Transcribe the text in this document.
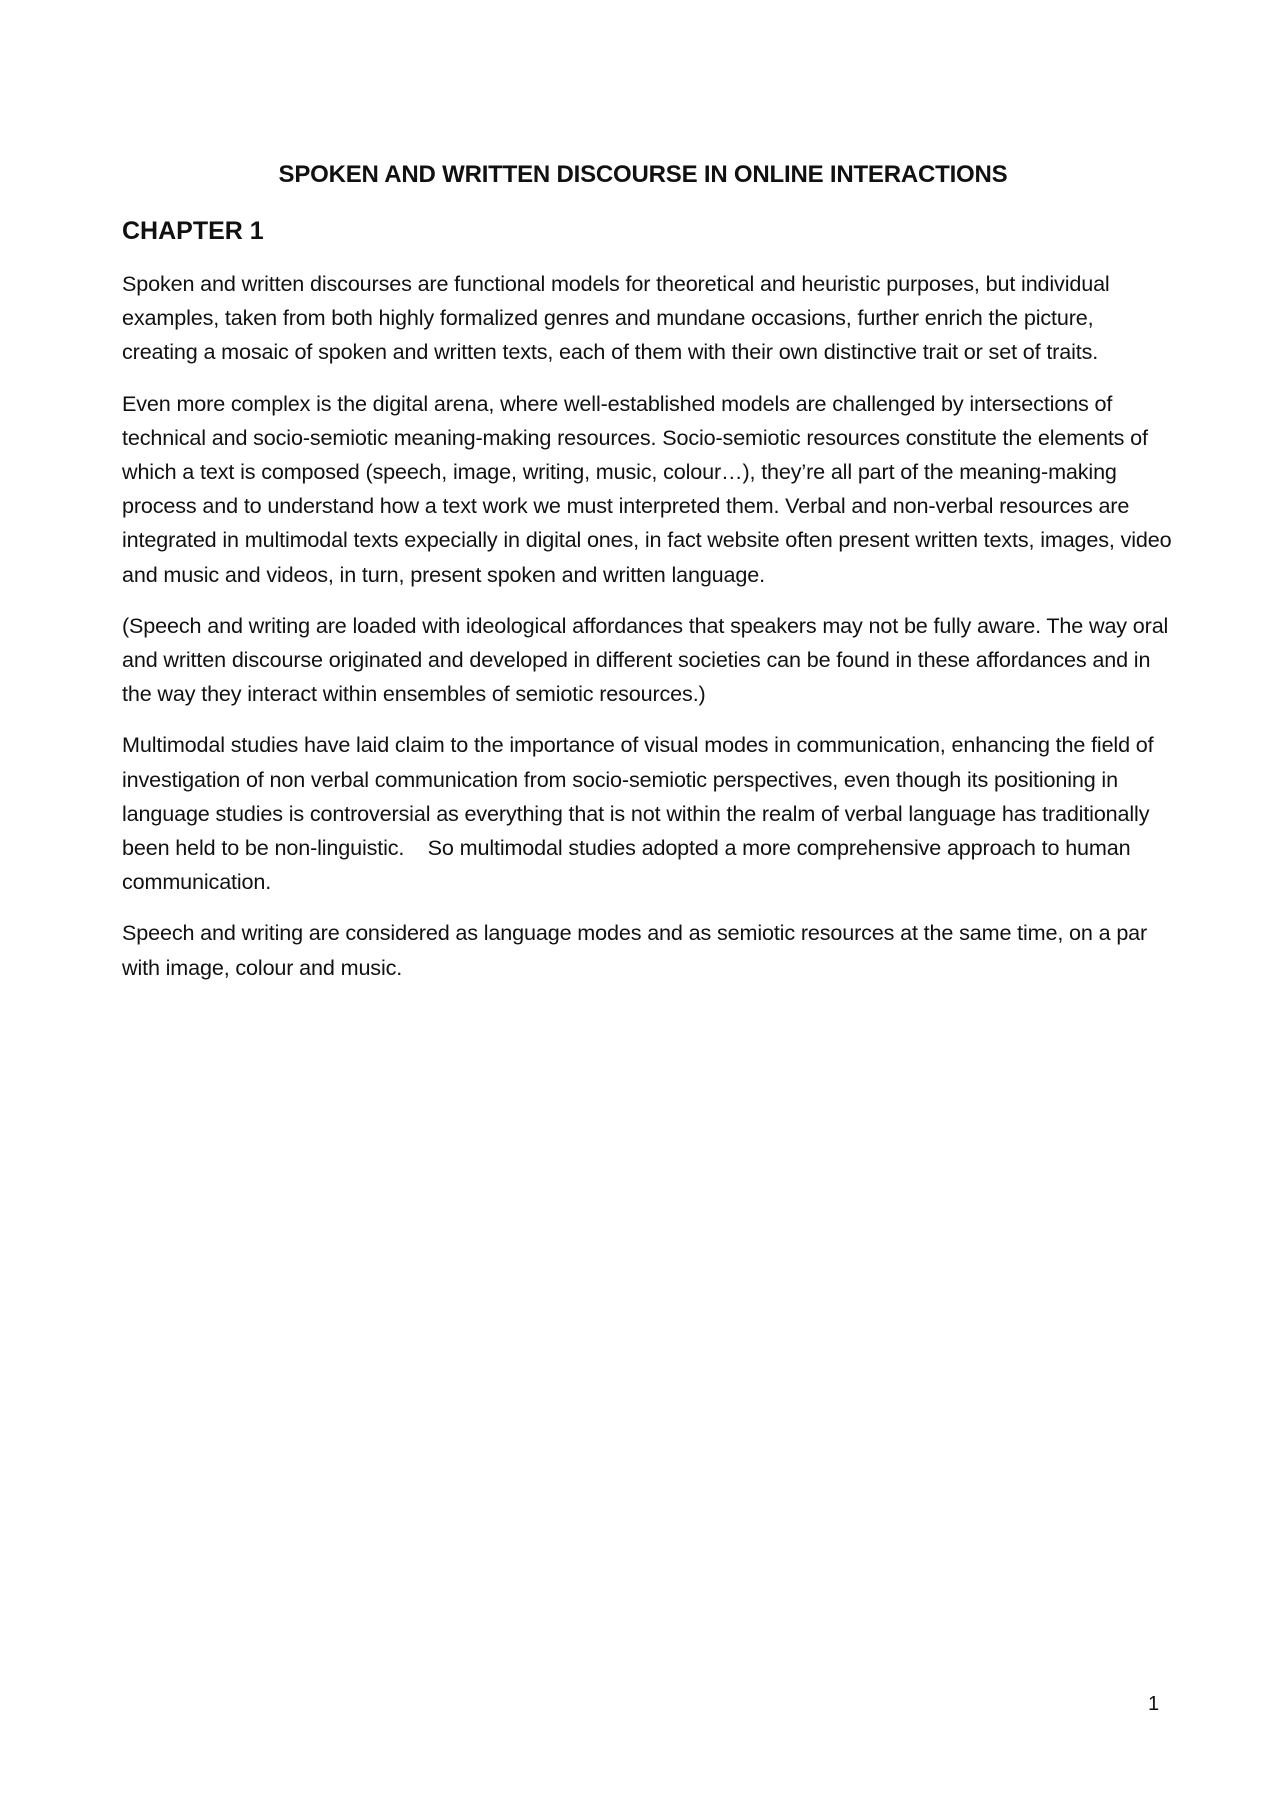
SPOKEN AND WRITTEN DISCOURSE IN ONLINE INTERACTIONS
CHAPTER 1

Spoken and written discourses are functional models for theoretical and heuristic purposes, but individual examples, taken from both highly formalized genres and mundane occasions, further enrich the picture, creating a mosaic of spoken and written texts, each of them with their own distinctive trait or set of traits.

Even more complex is the digital arena, where well-established models are challenged by intersections of technical and socio-semiotic meaning-making resources. Socio-semiotic resources constitute the elements of which a text is composed (speech, image, writing, music, colour…), they’re all part of the meaning-making process and to understand how a text work we must interpreted them. Verbal and non-verbal resources are integrated in multimodal texts expecially in digital ones, in fact website often present written texts, images, video and music and videos, in turn, present spoken and written language.

(Speech and writing are loaded with ideological affordances that speakers may not be fully aware. The way oral and written discourse originated and developed in different societies can be found in these affordances and in the way they interact within ensembles of semiotic resources.)

Multimodal studies have laid claim to the importance of visual modes in communication, enhancing the field of investigation of non verbal communication from socio-semiotic perspectives, even though its positioning in language studies is controversial as everything that is not within the realm of verbal language has traditionally been held to be non-linguistic.    So multimodal studies adopted a more comprehensive approach to human communication.

Speech and writing are considered as language modes and as semiotic resources at the same time, on a par with image, colour and music.

1
